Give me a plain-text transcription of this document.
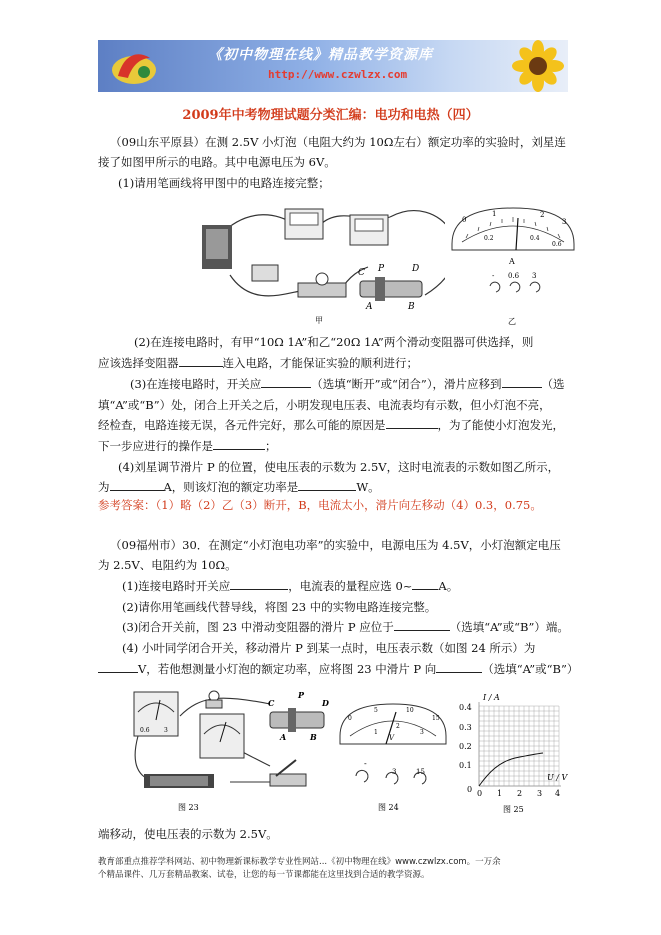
《初中物理在线》精品教学资源库
http://www.czwlzx.com
2009年中考物理试题分类汇编：电功和电热（四）
（09山东平原县）在测 2.5V 小灯泡（电阻大约为 10Ω左右）额定功率的实验时，刘星连
接了如图甲所示的电路。其中电源电压为 6V。
(1)请用笔画线将甲图中的电路连接完整；
C P	D
A	B
甲
0
1	2
3
0.2	0.4
0.6
A
- 0.6 3
乙
(2)在连接电路时，有甲“10Ω 1A”和乙“20Ω 1A”两个滑动变阻器可供选择，则
应该选择变阻器	连入电路，才能保证实验的顺利进行；
(3)在连接电路时，开关应	（选填“断开”或“闭合”），滑片应移到	（选
填“A”或“B”）处，闭合上开关之后，小明发现电压表、电流表均有示数，但小灯泡不亮，
经检查，电路连接无误，各元件完好，那么可能的原因是	，为了能使小灯泡发光，
下一步应进行的操作是	；
(4)刘星调节滑片 P 的位置，使电压表的示数为 2.5V，这时电流表的示数如图乙所示，
为	A，则该灯泡的额定功率是	W。
参考答案：（1）略（2）乙（3）断开，B，电流太小，滑片向左移动（4）0.3，0.75。
（09福州市）30．在测定“小灯泡电功率”的实验中，电源电压为 4.5V，小灯泡额定电压
为 2.5V、电阻约为 10Ω。
(1)连接电路时开关应	，电流表的量程应选 0~ A。
(2)请你用笔画线代替导线，将图 23 中的实物电路连接完整。
(3)闭合开关前，图 23 中滑动变阻器的滑片 P 应位于	（选填“A”或“B”）端。
(4) 小叶同学闭合开关，移动滑片 P 到某一点时，电压表示数（如图 24 所示）为
V，若他想测量小灯泡的额定功率，应将图 23 中滑片 P 向	（选填“A”或“B”）
0.6 3
C
P
D
A	B
图 23
0
5	10
15
1
2
3
V
-
3	15
图 24
I / A
U / V
0.4
0.3
0.2
0.1
0 0 1 2 3 4
图 25
端移动，使电压表的示数为 2.5V。
教育部重点推荐学科网站、初中物理新课标教学专业性网站...《初中物理在线》www.czwlzx.com。一万余
个精品课件、几万套精品教案、试卷，让您的每一节课都能在这里找到合适的教学资源。
